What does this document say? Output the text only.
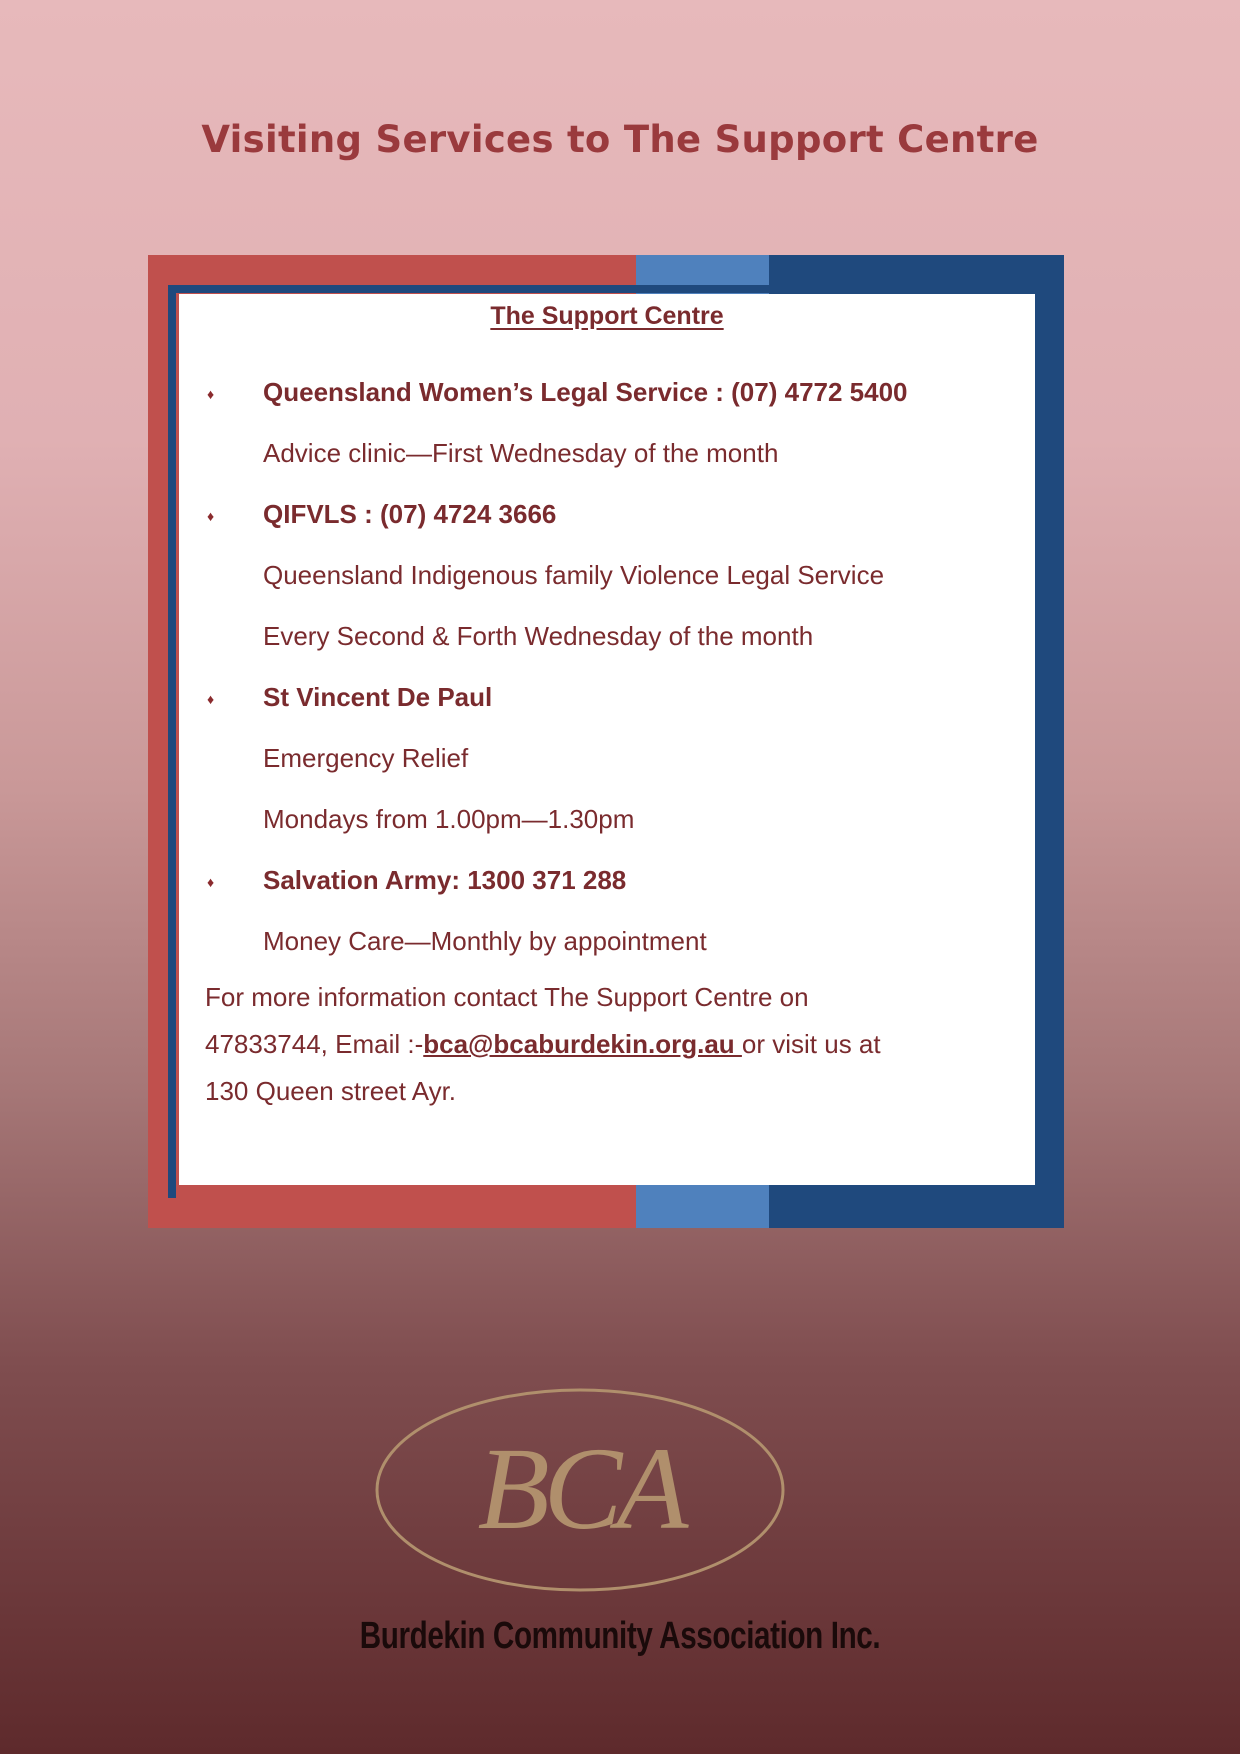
Visiting Services to The Support Centre
The Support Centre
♦ Queensland Women’s Legal Service : (07) 4772 5400
Advice clinic—First Wednesday of the month
♦ QIFVLS : (07) 4724 3666
Queensland Indigenous family Violence Legal Service
Every Second & Forth Wednesday of the month
♦ St Vincent De Paul
Emergency Relief
Mondays from 1.00pm—1.30pm
♦ Salvation Army: 1300 371 288
Money Care—Monthly by appointment
For more information contact The Support Centre on
47833744, Email :-bca@bcaburdekin.org.au or visit us at
130 Queen street Ayr.
BCA
Burdekin Community Association Inc.
